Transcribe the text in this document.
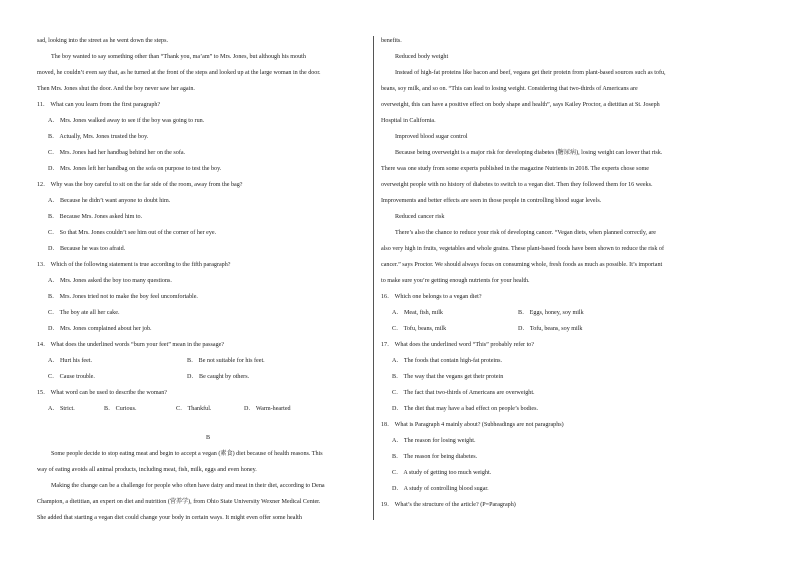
sad, looking into the street as he went down the steps.
The boy wanted to say something other than “Thank you, ma’am” to Mrs. Jones, but although his mouth
moved, he couldn’t even say that, as he turned at the front of the steps and looked up at the large woman in the door.
Then Mrs. Jones shut the door. And the boy never saw her again.
11． What can you learn from the first paragraph?
A． Mrs. Jones walked away to see if the boy was going to run.
B． Actually, Mrs. Jones trusted the boy.
C． Mrs. Jones had her handbag behind her on the sofa.
D． Mrs. Jones left her handbag on the sofa on purpose to test the boy.
12． Why was the boy careful to sit on the far side of the room, away from the bag?
A． Because he didn’t want anyone to doubt him.
B． Because Mrs. Jones asked him to.
C． So that Mrs. Jones couldn’t see him out of the corner of her eye.
D． Because he was too afraid.
13． Which of the following statement is true according to the fifth paragraph?
A． Mrs. Jones asked the boy too many questions.
B． Mrs. Jones tried not to make the boy feel uncomfortable.
C． The boy ate all her cake.
D． Mrs. Jones complained about her job.
14． What does the underlined words “burn your feet” mean in the passage?
A． Hurt his feet.	B． Be not suitable for his feet.
C． Cause trouble.	D． Be caught by others.
15． What word can be used to describe the woman?
A． Strict.	B． Curious.	C． Thankful.	D． Warm-hearted
B
Some people decide to stop eating meat and begin to accept a vegan (素食) diet because of health reasons. This
way of eating avoids all animal products, including meat, fish, milk, eggs and even honey.
Making the change can be a challenge for people who often have dairy and meat in their diet, according to Dena
Champion, a dietitian, an expert on diet and nutrition (营养学), from Ohio State University Wexner Medical Center.
She added that starting a vegan diet could change your body in certain ways. It might even offer some health
benefits.
Reduced body weight
Instead of high-fat proteins like bacon and beef, vegans get their protein from plant-based sources such as tofu,
beans, soy milk, and so on. “This can lead to losing weight. Considering that two-thirds of Americans are
overweight, this can have a positive effect on body shape and health”, says Kailey Proctor, a dietitian at St. Joseph
Hospital in California.
Improved blood sugar control
Because being overweight is a major risk for developing diabetes (糖尿病), losing weight can lower that risk.
There was one study from some experts published in the magazine Nutrients in 2018. The experts chose some
overweight people with no history of diabetes to switch to a vegan diet. Then they followed them for 16 weeks.
Improvements and better effects are seen in those people in controlling blood sugar levels.
Reduced cancer risk
There’s also the chance to reduce your risk of developing cancer. “Vegan diets, when planned correctly, are
also very high in fruits, vegetables and whole grains. These plant-based foods have been shown to reduce the risk of
cancer.” says Proctor. We should always focus on consuming whole, fresh foods as much as possible. It’s important
to make sure you’re getting enough nutrients for your health.
16． Which one belongs to a vegan diet?
A． Meat, fish, milk	B． Eggs, honey, soy milk
C． Tofu, beans, milk	D． Tofu, beans, soy milk
17． What does the underlined word “This” probably refer to?
A． The foods that contain high-fat proteins.
B． The way that the vegans get their protein
C． The fact that two-thirds of Americans are overweight.
D． The diet that may have a bad effect on people’s bodies.
18． What is Paragraph 4 mainly about? (Subheadings are not paragraphs)
A． The reason for losing weight.
B． The reason for being diabetes.
C． A study of getting too much weight.
D． A study of controlling blood sugar.
19． What’s the structure of the article? (P=Paragraph)
